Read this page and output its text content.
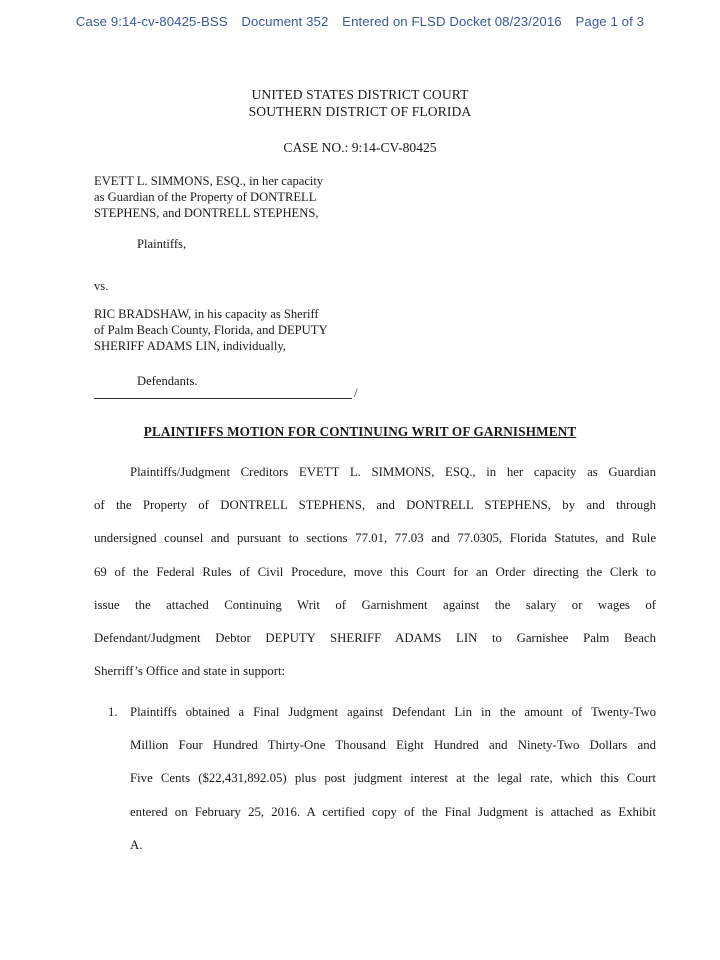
Case 9:14-cv-80425-BSS Document 352 Entered on FLSD Docket 08/23/2016 Page 1 of 3
UNITED STATES DISTRICT COURT
SOUTHERN DISTRICT OF FLORIDA
CASE NO.: 9:14-CV-80425
EVETT L. SIMMONS, ESQ., in her capacity
as Guardian of the Property of DONTRELL
STEPHENS, and DONTRELL STEPHENS,
Plaintiffs,
vs.
RIC BRADSHAW, in his capacity as Sheriff
of Palm Beach County, Florida, and DEPUTY
SHERIFF ADAMS LIN, individually,
Defendants.
/
PLAINTIFFS MOTION FOR CONTINUING WRIT OF GARNISHMENT
Plaintiffs/Judgment Creditors EVETT L. SIMMONS, ESQ., in her capacity as Guardian
of the Property of DONTRELL STEPHENS, and DONTRELL STEPHENS, by and through
undersigned counsel and pursuant to sections 77.01, 77.03 and 77.0305, Florida Statutes, and Rule
69 of the Federal Rules of Civil Procedure, move this Court for an Order directing the Clerk to
issue the attached Continuing Writ of Garnishment against the salary or wages of
Defendant/Judgment Debtor DEPUTY SHERIFF ADAMS LIN to Garnishee Palm Beach
Sherriff’s Office and state in support:
1. Plaintiffs obtained a Final Judgment against Defendant Lin in the amount of Twenty-Two
Million Four Hundred Thirty-One Thousand Eight Hundred and Ninety-Two Dollars and
Five Cents ($22,431,892.05) plus post judgment interest at the legal rate, which this Court
entered on February 25, 2016. A certified copy of the Final Judgment is attached as Exhibit
A.
